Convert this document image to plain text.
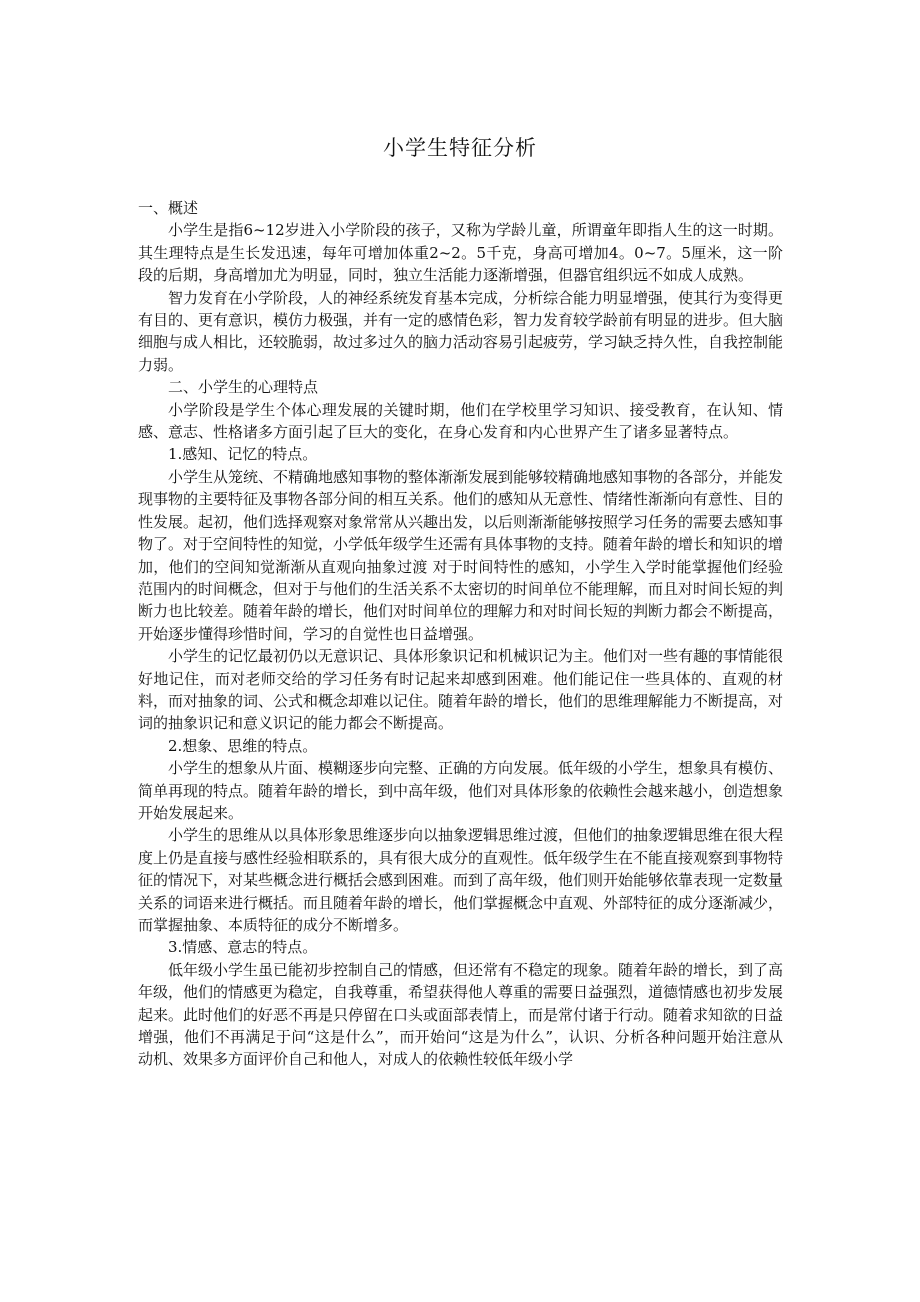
小学生特征分析

一、概述

小学生是指6~12岁进入小学阶段的孩子，又称为学龄儿童，所谓童年即指人生的这一时期。其生理特点是生长发迅速，每年可增加体重2~2。5千克，身高可增加4。0~7。5厘米，这一阶段的后期，身高增加尤为明显，同时，独立生活能力逐渐增强，但器官组织远不如成人成熟。

智力发育在小学阶段，人的神经系统发育基本完成，分析综合能力明显增强，使其行为变得更有目的、更有意识，模仿力极强，并有一定的感情色彩，智力发育较学龄前有明显的进步。但大脑细胞与成人相比，还较脆弱，故过多过久的脑力活动容易引起疲劳，学习缺乏持久性，自我控制能力弱。

二、小学生的心理特点

小学阶段是学生个体心理发展的关键时期，他们在学校里学习知识、接受教育，在认知、情感、意志、性格诸多方面引起了巨大的变化，在身心发育和内心世界产生了诸多显著特点。

1.感知、记忆的特点。

小学生从笼统、不精确地感知事物的整体渐渐发展到能够较精确地感知事物的各部分，并能发现事物的主要特征及事物各部分间的相互关系。他们的感知从无意性、情绪性渐渐向有意性、目的性发展。起初，他们选择观察对象常常从兴趣出发，以后则渐渐能够按照学习任务的需要去感知事物了。对于空间特性的知觉，小学低年级学生还需有具体事物的支持。随着年龄的增长和知识的增加，他们的空间知觉渐渐从直观向抽象过渡 对于时间特性的感知，小学生入学时能掌握他们经验范围内的时间概念，但对于与他们的生活关系不太密切的时间单位不能理解，而且对时间长短的判断力也比较差。随着年龄的增长，他们对时间单位的理解力和对时间长短的判断力都会不断提高，开始逐步懂得珍惜时间，学习的自觉性也日益增强。

小学生的记忆最初仍以无意识记、具体形象识记和机械识记为主。他们对一些有趣的事情能很好地记住，而对老师交给的学习任务有时记起来却感到困难。他们能记住一些具体的、直观的材料，而对抽象的词、公式和概念却难以记住。随着年龄的增长，他们的思维理解能力不断提高，对词的抽象识记和意义识记的能力都会不断提高。

2.想象、思维的特点。

小学生的想象从片面、模糊逐步向完整、正确的方向发展。低年级的小学生，想象具有模仿、简单再现的特点。随着年龄的增长，到中高年级，他们对具体形象的依赖性会越来越小，创造想象开始发展起来。

小学生的思维从以具体形象思维逐步向以抽象逻辑思维过渡，但他们的抽象逻辑思维在很大程度上仍是直接与感性经验相联系的，具有很大成分的直观性。低年级学生在不能直接观察到事物特征的情况下，对某些概念进行概括会感到困难。而到了高年级，他们则开始能够依靠表现一定数量关系的词语来进行概括。而且随着年龄的增长，他们掌握概念中直观、外部特征的成分逐渐减少，而掌握抽象、本质特征的成分不断增多。

3.情感、意志的特点。

低年级小学生虽已能初步控制自己的情感，但还常有不稳定的现象。随着年龄的增长，到了高年级，他们的情感更为稳定，自我尊重，希望获得他人尊重的需要日益强烈，道德情感也初步发展起来。此时他们的好恶不再是只停留在口头或面部表情上，而是常付诸于行动。随着求知欲的日益增强，他们不再满足于问“这是什么”，而开始问“这是为什么”，认识、分析各种问题开始注意从动机、效果多方面评价自己和他人，对成人的依赖性较低年级小学
